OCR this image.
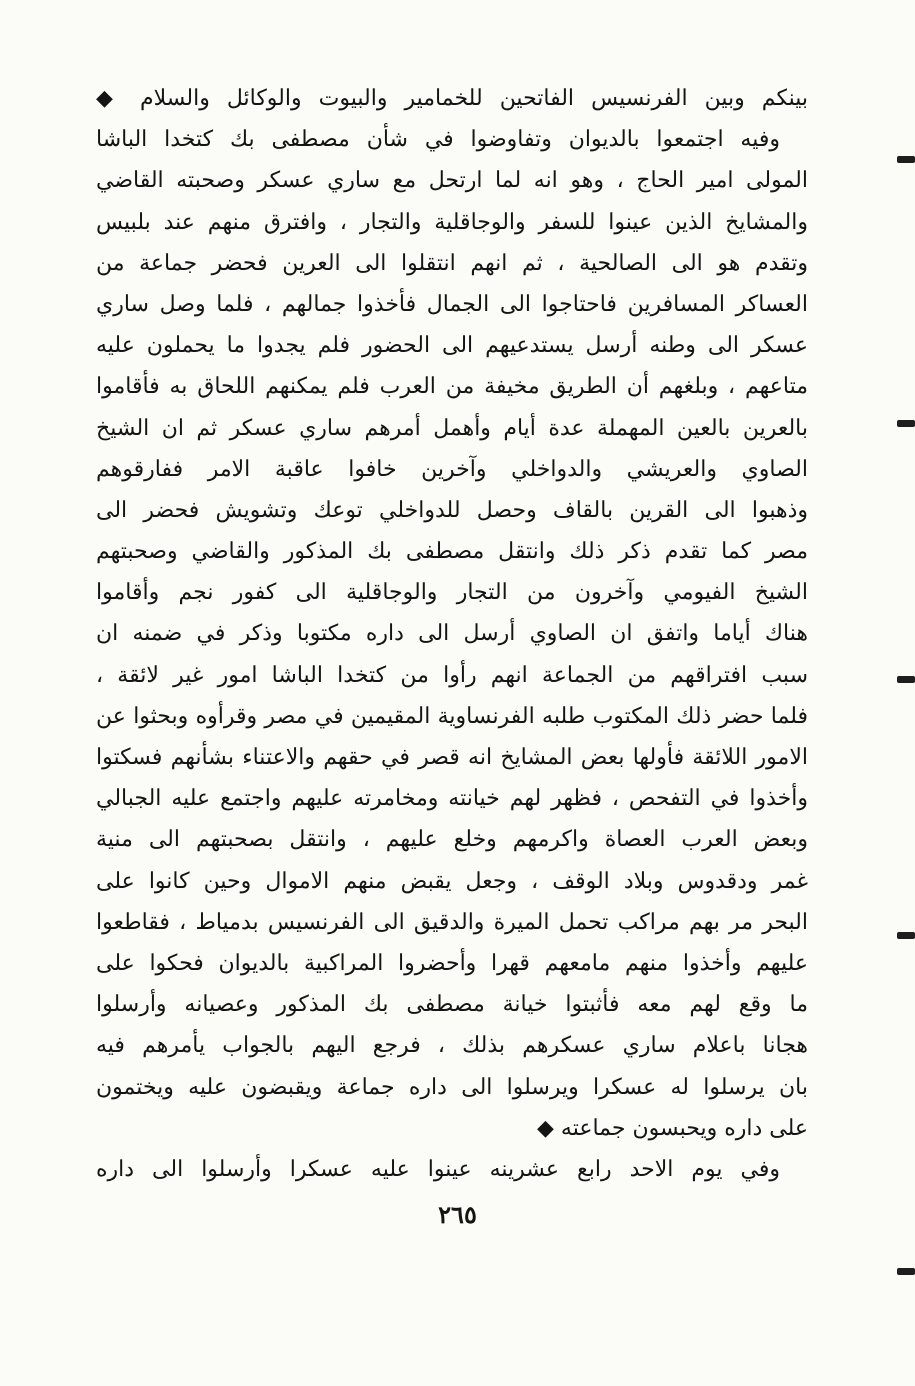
بينكم وبين الفرنسيس الفاتحين للخمامير والبيوت والوكائل والسلام ◆
وفيه اجتمعوا بالديوان وتفاوضوا في شأن مصطفى بك كتخدا الباشا
المولى امير الحاج ، وهو انه لما ارتحل مع ساري عسكر وصحبته القاضي
والمشايخ الذين عينوا للسفر والوجاقلية والتجار ، وافترق منهم عند بلبيس
وتقدم هو الى الصالحية ، ثم انهم انتقلوا الى العرين فحضر جماعة من
العساكر المسافرين فاحتاجوا الى الجمال فأخذوا جمالهم ، فلما وصل ساري
عسكر الى وطنه أرسل يستدعيهم الى الحضور فلم يجدوا ما يحملون عليه
متاعهم ، وبلغهم أن الطريق مخيفة من العرب فلم يمكنهم اللحاق به فأقاموا
بالعرين بالعين المهملة عدة أيام وأهمل أمرهم ساري عسكر ثم ان الشيخ
الصاوي والعريشي والدواخلي وآخرين خافوا عاقبة الامر ففارقوهم
وذهبوا الى القرين بالقاف وحصل للدواخلي توعك وتشويش فحضر الى
مصر كما تقدم ذكر ذلك وانتقل مصطفى بك المذكور والقاضي وصحبتهم
الشيخ الفيومي وآخرون من التجار والوجاقلية الى كفور نجم وأقاموا
هناك أياما واتفق ان الصاوي أرسل الى داره مكتوبا وذكر في ضمنه ان
سبب افتراقهم من الجماعة انهم رأوا من كتخدا الباشا امور غير لائقة ،
فلما حضر ذلك المكتوب طلبه الفرنساوية المقيمين في مصر وقرأوه وبحثوا عن
الامور اللائقة فأولها بعض المشايخ انه قصر في حقهم والاعتناء بشأنهم فسكتوا
وأخذوا في التفحص ، فظهر لهم خيانته ومخامرته عليهم واجتمع عليه الجبالي
وبعض العرب العصاة واكرمهم وخلع عليهم ، وانتقل بصحبتهم الى منية
غمر ودقدوس وبلاد الوقف ، وجعل يقبض منهم الاموال وحين كانوا على
البحر مر بهم مراكب تحمل الميرة والدقيق الى الفرنسيس بدمياط ، فقاطعوا
عليهم وأخذوا منهم مامعهم قهرا وأحضروا المراكبية بالديوان فحكوا على
ما وقع لهم معه فأثبتوا خيانة مصطفى بك المذكور وعصيانه وأرسلوا
هجانا باعلام ساري عسكرهم بذلك ، فرجع اليهم بالجواب يأمرهم فيه
بان يرسلوا له عسكرا ويرسلوا الى داره جماعة ويقبضون عليه ويختمون
على داره ويحبسون جماعته ◆
وفي يوم الاحد رابع عشرينه عينوا عليه عسكرا وأرسلوا الى داره
٢٦٥
